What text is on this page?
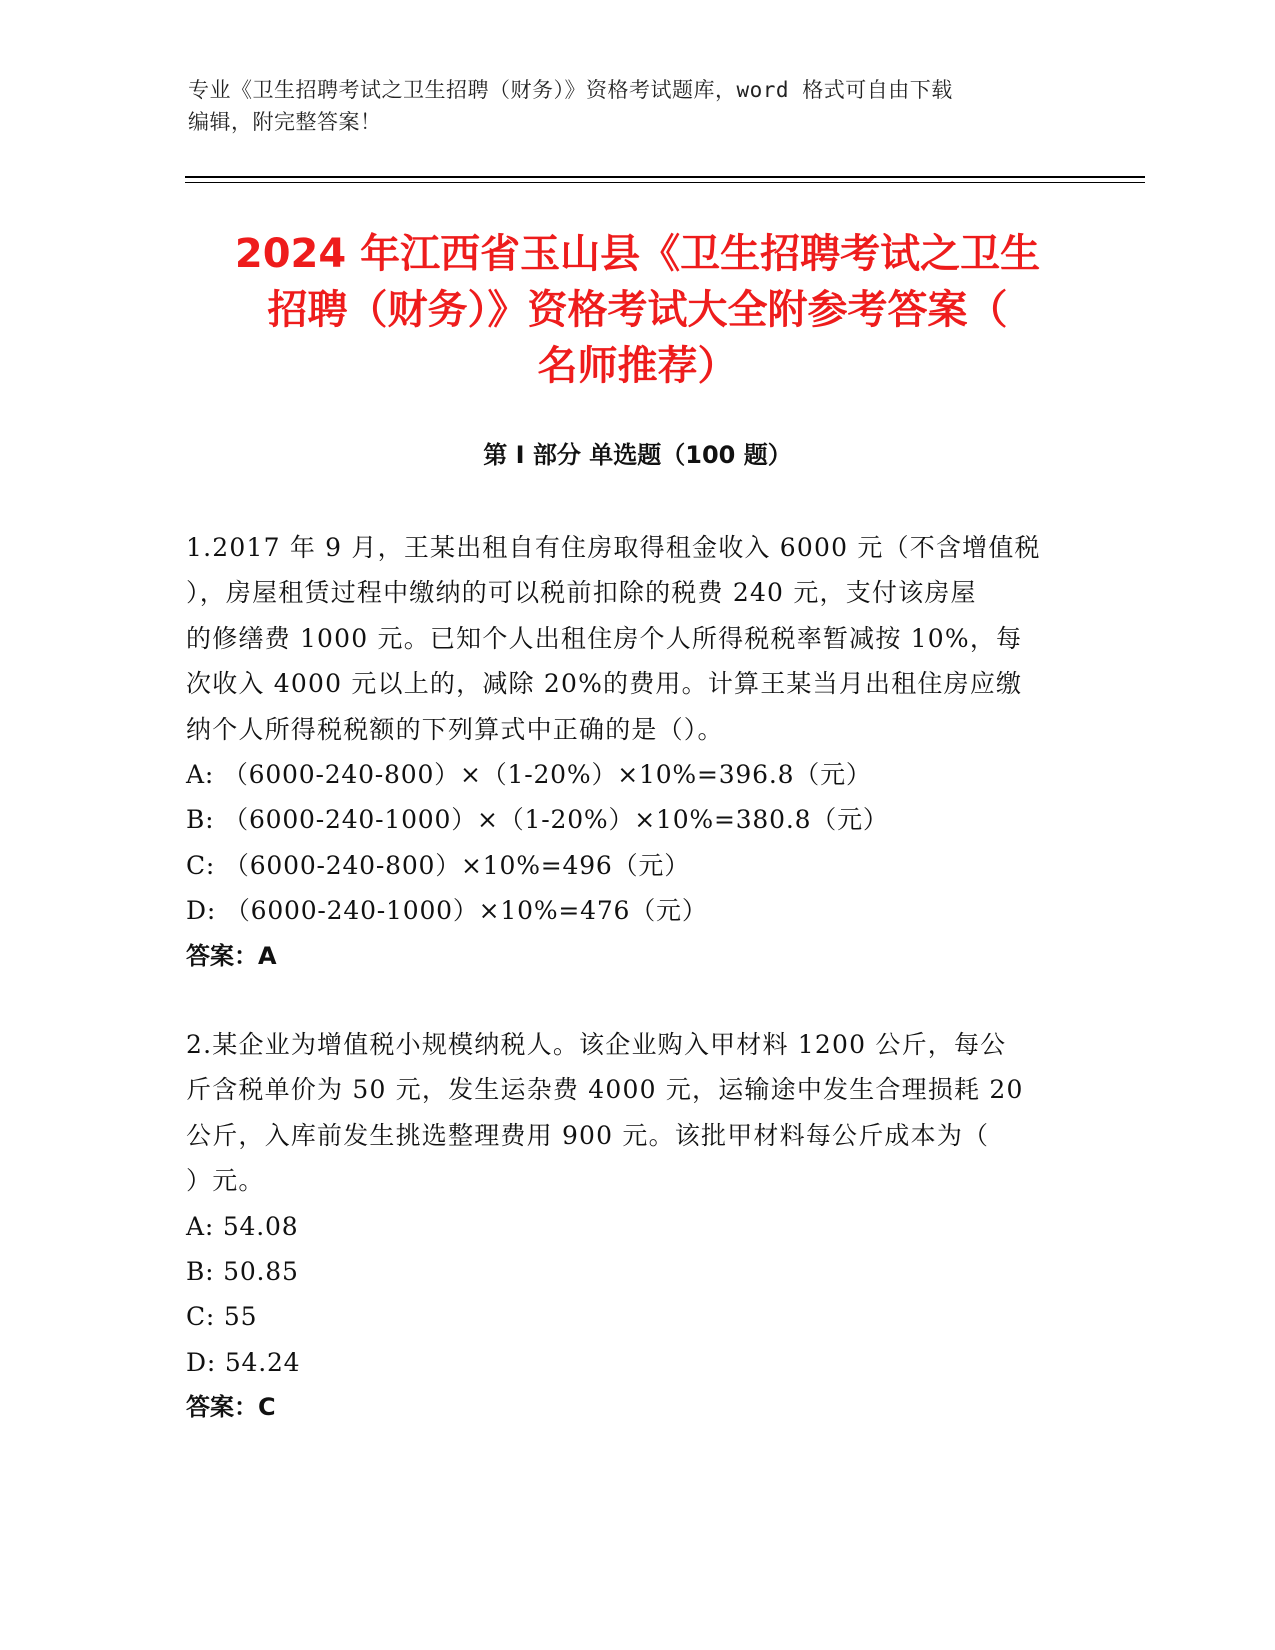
专业《卫生招聘考试之卫生招聘（财务）》资格考试题库，word 格式可自由下载
编辑，附完整答案！
2024 年江西省玉山县《卫生招聘考试之卫生
招聘（财务）》资格考试大全附参考答案（
名师推荐）
第 I 部分 单选题（100 题）
1.2017 年 9 月，王某出租自有住房取得租金收入 6000 元（不含增值税
），房屋租赁过程中缴纳的可以税前扣除的税费 240 元，支付该房屋
的修缮费 1000 元。已知个人出租住房个人所得税税率暂减按 10%，每
次收入 4000 元以上的，减除 20%的费用。计算王某当月出租住房应缴
纳个人所得税税额的下列算式中正确的是（）。
A: （6000-240-800）×（1-20%）×10%=396.8（元）
B: （6000-240-1000）×（1-20%）×10%=380.8（元）
C: （6000-240-800）×10%=496（元）
D: （6000-240-1000）×10%=476（元）
答案：A
2.某企业为增值税小规模纳税人。该企业购入甲材料 1200 公斤，每公
斤含税单价为 50 元，发生运杂费 4000 元，运输途中发生合理损耗 20
公斤，入库前发生挑选整理费用 900 元。该批甲材料每公斤成本为（
）元。
A: 54.08
B: 50.85
C: 55
D: 54.24
答案：C
